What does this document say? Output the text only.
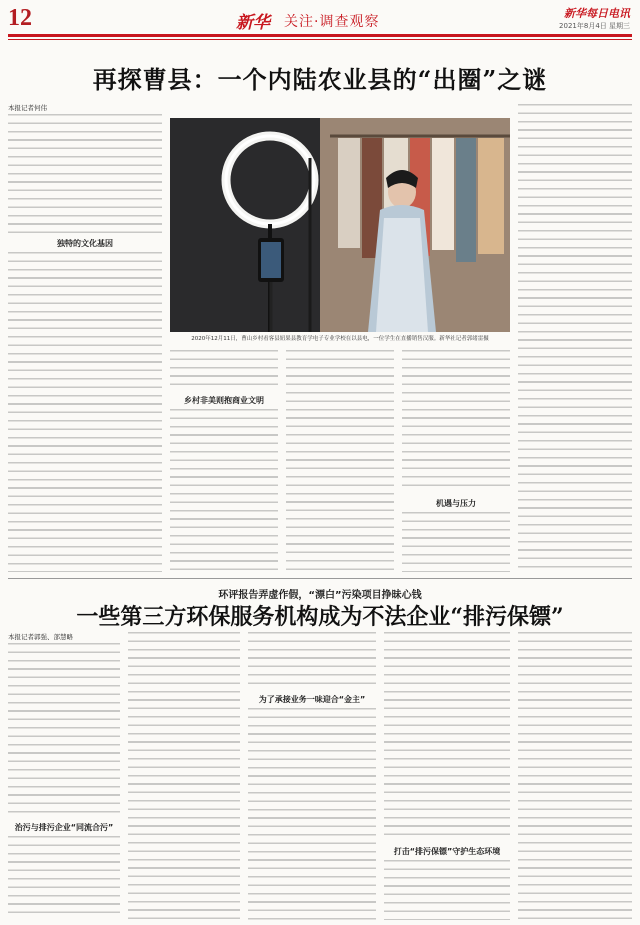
12	新华 关注·调查观察
新华每日电讯
2021年8月4日 星期三
再探曹县：一个内陆农业县的“出圈”之谜
本报记者何伟
独特的文化基因
2020年12月11日，曹山乡村看客县妞果县教育学电子专业学校在以县电，一位学生在直播销售汉服。新华社记者郭绪雷摄
乡村非美则抱商业文明
机遇与压力
环评报告弄虚作假，“漂白”污染项目挣昧心钱
一些第三方环保服务机构成为不法企业“排污保镖”
本报记者郭强、部慧略
治污与排污企业“同流合污”
为了承接业务一味迎合“金主”
打击“排污保镖”守护生态环境
